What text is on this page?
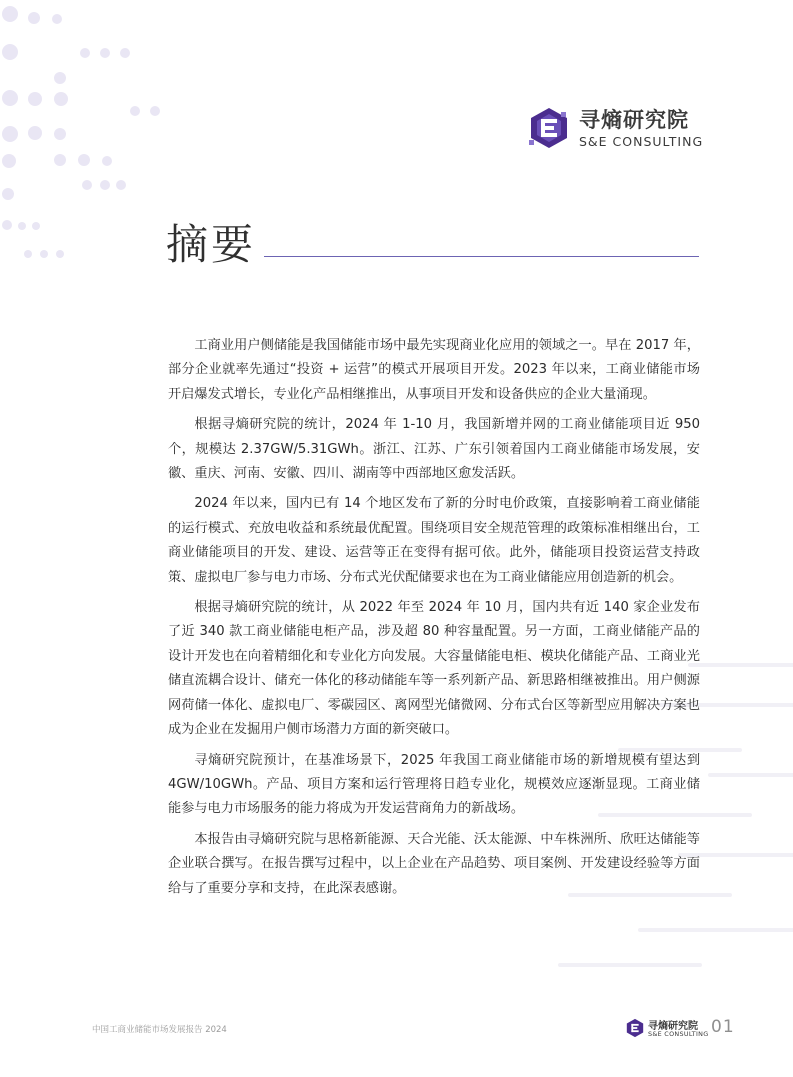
寻熵研究院
S&E CONSULTING
摘要

工商业用户侧储能是我国储能市场中最先实现商业化应用的领域之一。早在 2017 年，部分企业就率先通过“投资 + 运营”的模式开展项目开发。2023 年以来，工商业储能市场开启爆发式增长，专业化产品相继推出，从事项目开发和设备供应的企业大量涌现。

根据寻熵研究院的统计，2024 年 1-10 月，我国新增并网的工商业储能项目近 950 个，规模达 2.37GW/5.31GWh。浙江、江苏、广东引领着国内工商业储能市场发展，安徽、重庆、河南、安徽、四川、湖南等中西部地区愈发活跃。

2024 年以来，国内已有 14 个地区发布了新的分时电价政策，直接影响着工商业储能的运行模式、充放电收益和系统最优配置。围绕项目安全规范管理的政策标准相继出台，工商业储能项目的开发、建设、运营等正在变得有据可依。此外，储能项目投资运营支持政策、虚拟电厂参与电力市场、分布式光伏配储要求也在为工商业储能应用创造新的机会。

根据寻熵研究院的统计，从 2022 年至 2024 年 10 月，国内共有近 140 家企业发布了近 340 款工商业储能电柜产品，涉及超 80 种容量配置。另一方面，工商业储能产品的设计开发也在向着精细化和专业化方向发展。大容量储能电柜、模块化储能产品、工商业光储直流耦合设计、储充一体化的移动储能车等一系列新产品、新思路相继被推出。用户侧源网荷储一体化、虚拟电厂、零碳园区、离网型光储微网、分布式台区等新型应用解决方案也成为企业在发掘用户侧市场潜力方面的新突破口。

寻熵研究院预计，在基准场景下，2025 年我国工商业储能市场的新增规模有望达到 4GW/10GWh。产品、项目方案和运行管理将日趋专业化，规模效应逐渐显现。工商业储能参与电力市场服务的能力将成为开发运营商角力的新战场。

本报告由寻熵研究院与思格新能源、天合光能、沃太能源、中车株洲所、欣旺达储能等企业联合撰写。在报告撰写过程中，以上企业在产品趋势、项目案例、开发建设经验等方面给与了重要分享和支持，在此深表感谢。

中国工商业储能市场发展报告 2024	寻熵研究院
S&E CONSULTING 01
